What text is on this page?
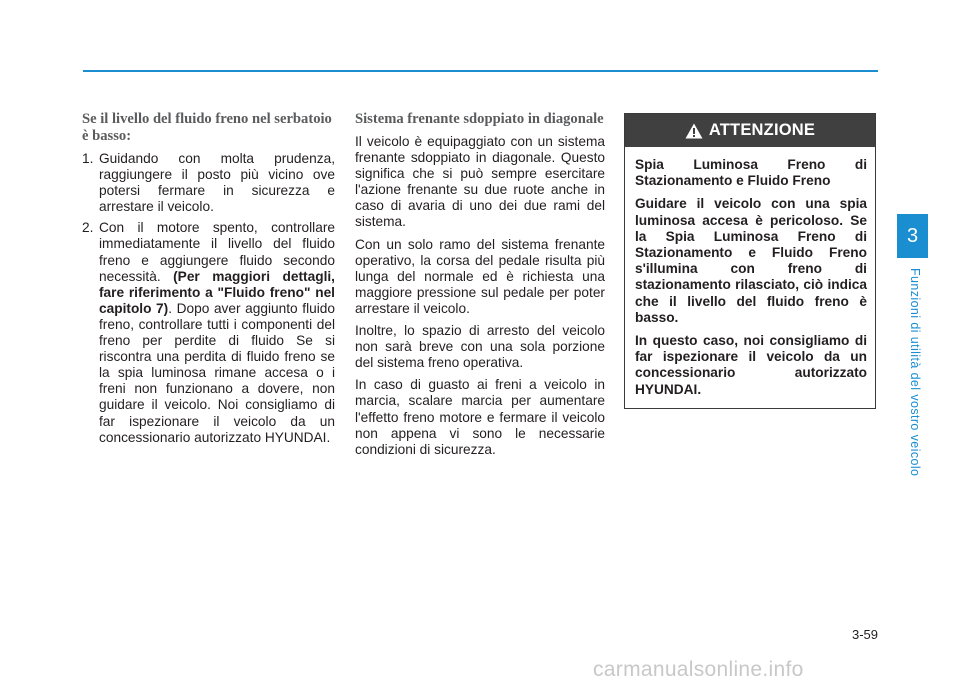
Se il livello del fluido freno nel serbatoio è basso:
1. Guidando con molta prudenza, raggiungere il posto più vicino ove potersi fermare in sicurezza e arrestare il veicolo.
2. Con il motore spento, controllare immediatamente il livello del fluido freno e aggiungere fluido secondo necessità. (Per maggiori dettagli, fare riferimento a "Fluido freno" nel capitolo 7). Dopo aver aggiunto fluido freno, controllare tutti i componenti del freno per perdite di fluido Se si riscontra una perdita di fluido freno se la spia luminosa rimane accesa o i freni non funzionano a dovere, non guidare il veicolo. Noi consigliamo di far ispezionare il veicolo da un concessionario autorizzato HYUNDAI.
Sistema frenante sdoppiato in diagonale

Il veicolo è equipaggiato con un sistema frenante sdoppiato in diagonale. Questo significa che si può sempre esercitare l'azione frenante su due ruote anche in caso di avaria di uno dei due rami del sistema.

Con un solo ramo del sistema frenante operativo, la corsa del pedale risulta più lunga del normale ed è richiesta una maggiore pressione sul pedale per poter arrestare il veicolo.

Inoltre, lo spazio di arresto del veicolo non sarà breve con una sola porzione del sistema freno operativa.

In caso di guasto ai freni a veicolo in marcia, scalare marcia per aumentare l'effetto freno motore e fermare il veicolo non appena vi sono le necessarie condizioni di sicurezza.

ATTENZIONE

Spia Luminosa Freno di Stazionamento e Fluido Freno

Guidare il veicolo con una spia luminosa accesa è pericoloso. Se la Spia Luminosa Freno di Stazionamento e Fluido Freno s'illumina con freno di stazionamento rilasciato, ciò indica che il livello del fluido freno è basso.

In questo caso, noi consigliamo di far ispezionare il veicolo da un concessionario autorizzato HYUNDAI.

3
Funzioni di utilità del vostro veicolo
3-59
carmanualsonline.info
